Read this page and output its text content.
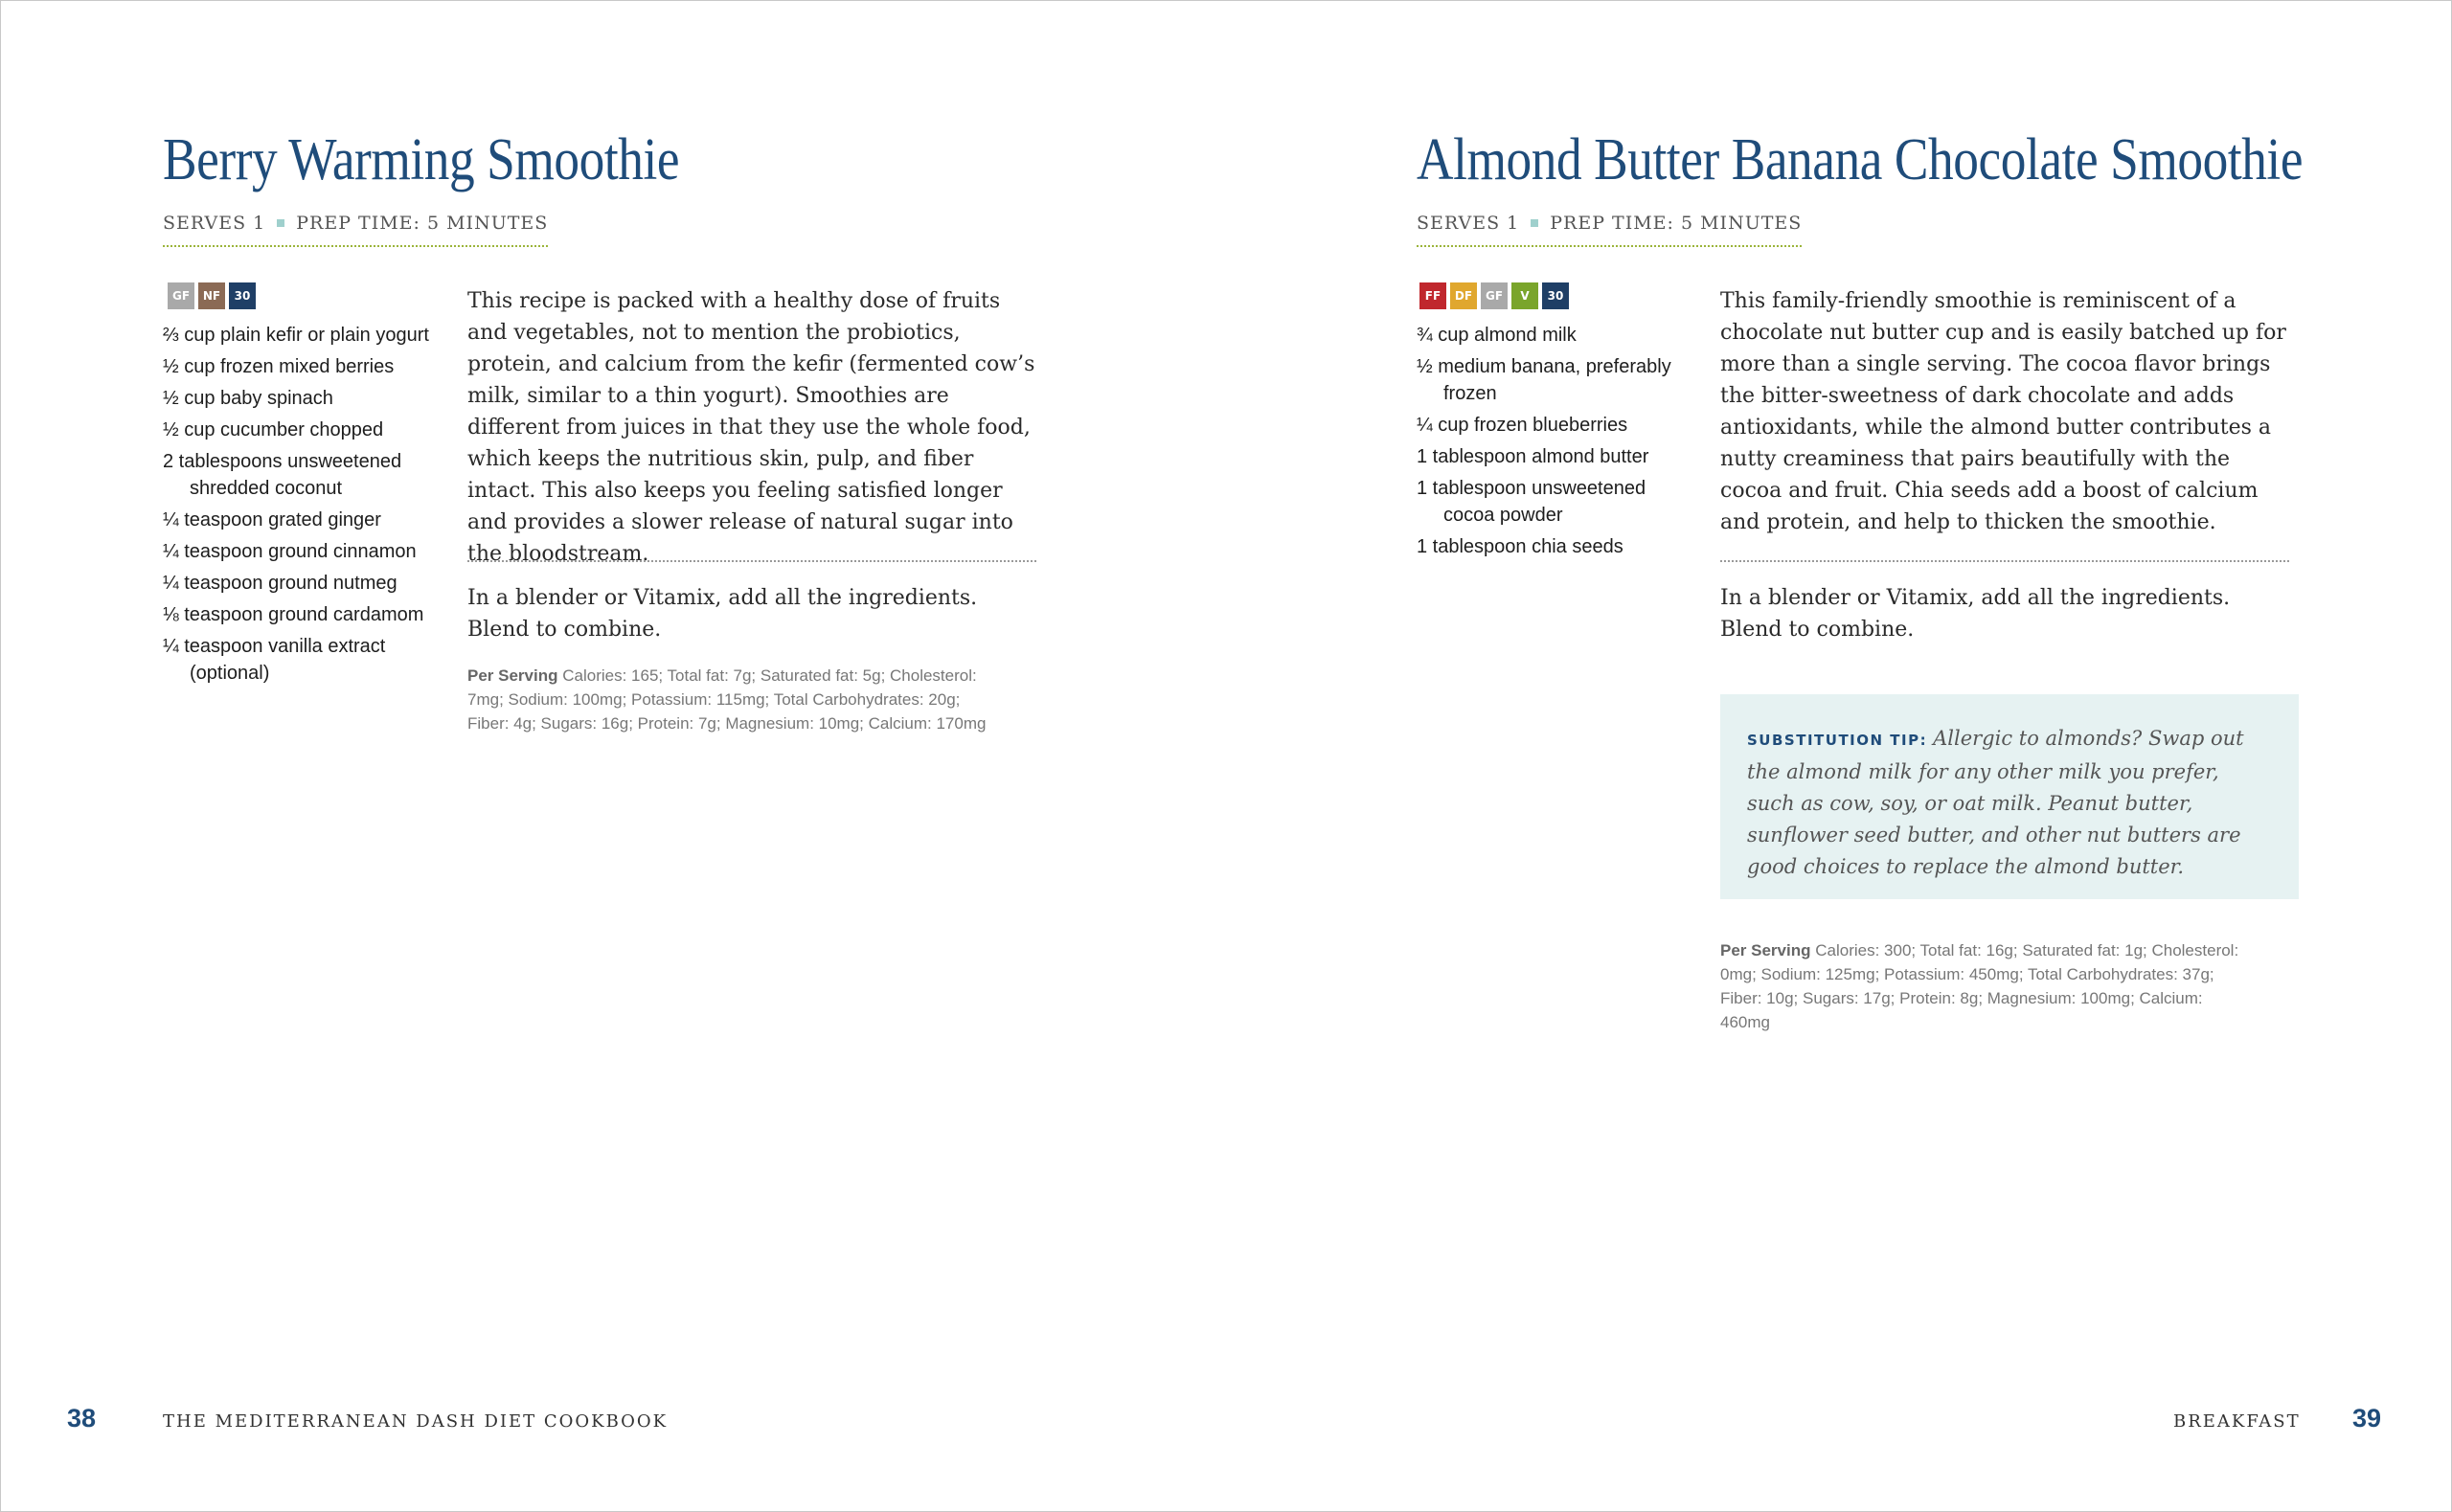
Berry Warming Smoothie
SERVES 1 PREP TIME: 5 MINUTES
GF	NF	30
⅔ cup plain kefir or plain yogurt
½ cup frozen mixed berries
½ cup baby spinach
½ cup cucumber chopped
2 tablespoons unsweetened shredded coconut
¼ teaspoon grated ginger
¼ teaspoon ground cinnamon
¼ teaspoon ground nutmeg
⅛ teaspoon ground cardamom
¼ teaspoon vanilla extract (optional)

This recipe is packed with a healthy dose of fruits and vegetables, not to mention the probiotics, protein, and calcium from the kefir (fermented cow’s milk, similar to a thin yogurt). Smoothies are different from juices in that they use the whole food, which keeps the nutritious skin, pulp, and fiber intact. This also keeps you feeling satisfied longer and provides a slower release of natural sugar into the bloodstream.

In a blender or Vitamix, add all the ingredients. Blend to combine.

Per Serving Calories: 165; Total fat: 7g; Saturated fat: 5g; Cholesterol: 7mg; Sodium: 100mg; Potassium: 115mg; Total Carbohydrates: 20g; Fiber: 4g; Sugars: 16g; Protein: 7g; Magnesium: 10mg; Calcium: 170mg

38	THE MEDITERRANEAN DASH DIET COOKBOOK
Almond Butter Banana Chocolate Smoothie
SERVES 1 PREP TIME: 5 MINUTES
FF	DF	GF	V	30
¾ cup almond milk
½ medium banana, preferably frozen
¼ cup frozen blueberries
1 tablespoon almond butter
1 tablespoon unsweetened cocoa powder
1 tablespoon chia seeds

This family-friendly smoothie is reminiscent of a chocolate nut butter cup and is easily batched up for more than a single serving. The cocoa flavor brings the bitter-sweetness of dark chocolate and adds antioxidants, while the almond butter contributes a nutty creaminess that pairs beautifully with the cocoa and fruit. Chia seeds add a boost of calcium and protein, and help to thicken the smoothie.

In a blender or Vitamix, add all the ingredients. Blend to combine.

Per Serving Calories: 300; Total fat: 16g; Saturated fat: 1g; Cholesterol: 0mg; Sodium: 125mg; Potassium: 450mg; Total Carbohydrates: 37g; Fiber: 10g; Sugars: 17g; Protein: 8g; Magnesium: 100mg; Calcium: 460mg

BREAKFAST 39

SUBSTITUTION TIP: Allergic to almonds? Swap out the almond milk for any other milk you prefer, such as cow, soy, or oat milk. Peanut butter, sunflower seed butter, and other nut butters are good choices to replace the almond butter.
